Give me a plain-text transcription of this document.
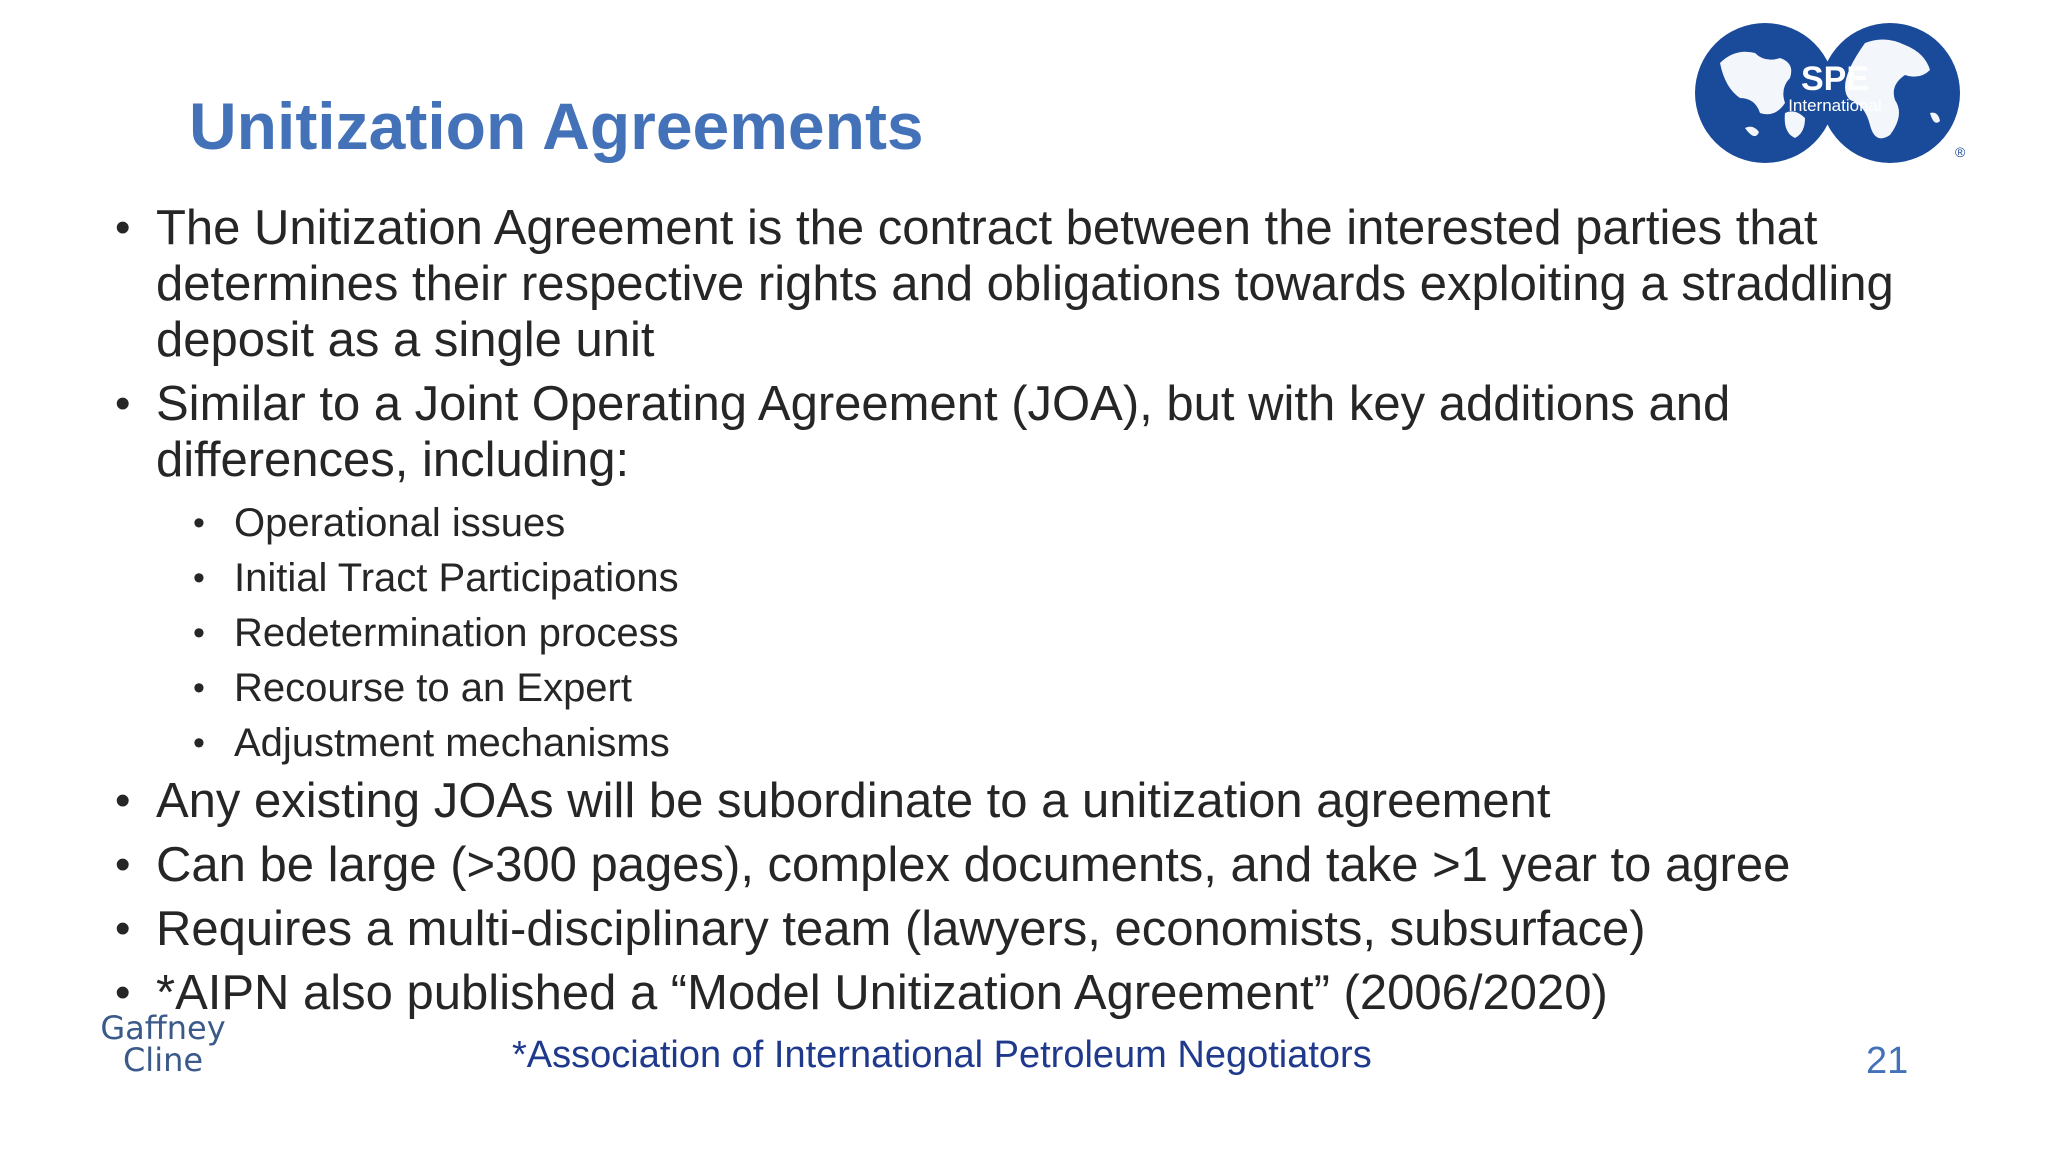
Unitization Agreements
SPE
International
®
• The Unitization Agreement is the contract between the interested parties that determines their respective rights and obligations towards exploiting a straddling deposit as a single unit
• Similar to a Joint Operating Agreement (JOA), but with key additions and differences, including:
• Operational issues
• Initial Tract Participations
• Redetermination process
• Recourse to an Expert
• Adjustment mechanisms
• Any existing JOAs will be subordinate to a unitization agreement
• Can be large (>300 pages), complex documents, and take >1 year to agree
• Requires a multi-disciplinary team (lawyers, economists, subsurface)
• *AIPN also published a “Model Unitization Agreement” (2006/2020)
Gaffney
Cline	*Association of International Petroleum Negotiators	21
